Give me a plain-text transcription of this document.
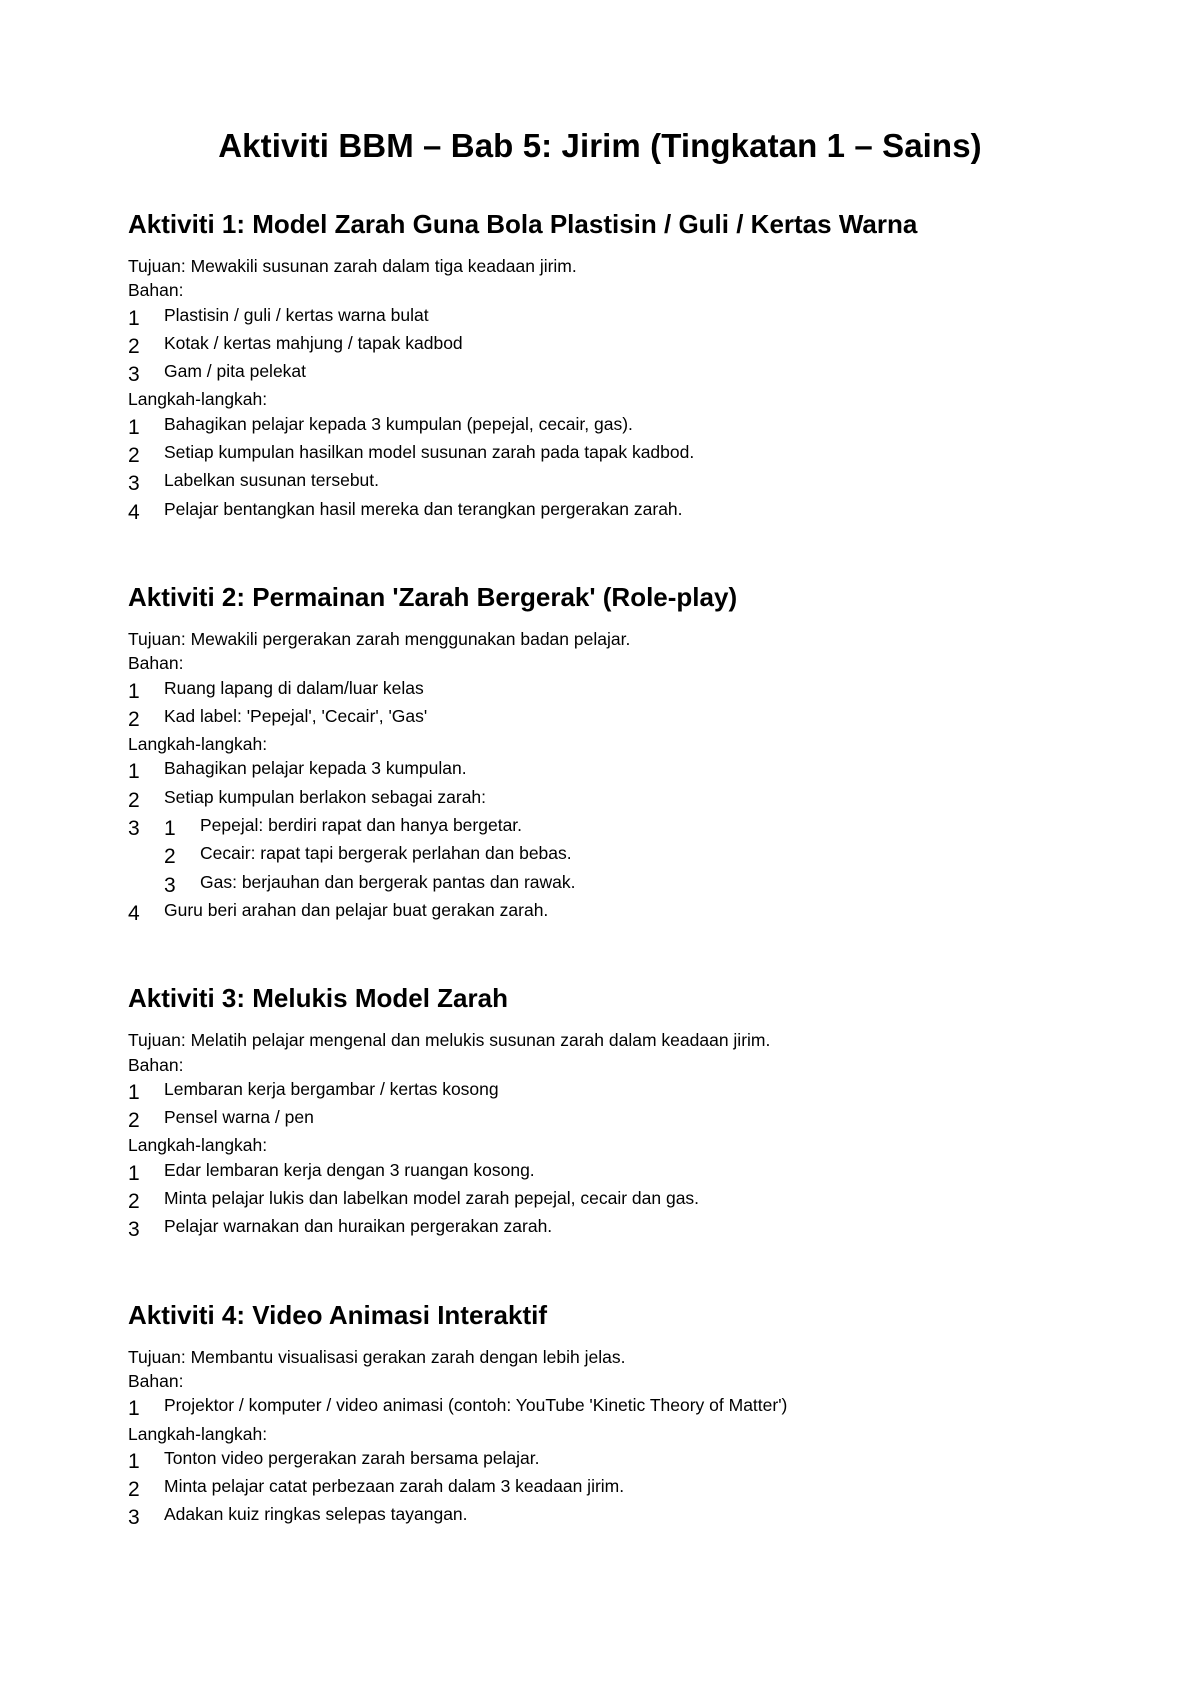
Aktiviti BBM – Bab 5: Jirim (Tingkatan 1 – Sains)
Aktiviti 1: Model Zarah Guna Bola Plastisin / Guli / Kertas Warna
Tujuan: Mewakili susunan zarah dalam tiga keadaan jirim.
Bahan:
1	Plastisin / guli / kertas warna bulat
2	Kotak / kertas mahjung / tapak kadbod
3	Gam / pita pelekat
Langkah-langkah:
1	Bahagikan pelajar kepada 3 kumpulan (pepejal, cecair, gas).
2	Setiap kumpulan hasilkan model susunan zarah pada tapak kadbod.
3	Labelkan susunan tersebut.
4	Pelajar bentangkan hasil mereka dan terangkan pergerakan zarah.
Aktiviti 2: Permainan 'Zarah Bergerak' (Role-play)
Tujuan: Mewakili pergerakan zarah menggunakan badan pelajar.
Bahan:
1	Ruang lapang di dalam/luar kelas
2	Kad label: 'Pepejal', 'Cecair', 'Gas'
Langkah-langkah:
1	Bahagikan pelajar kepada 3 kumpulan.
2	Setiap kumpulan berlakon sebagai zarah:
3	1	Pepejal: berdiri rapat dan hanya bergetar.
2	Cecair: rapat tapi bergerak perlahan dan bebas.
3	Gas: berjauhan dan bergerak pantas dan rawak.
4	Guru beri arahan dan pelajar buat gerakan zarah.
Aktiviti 3: Melukis Model Zarah
Tujuan: Melatih pelajar mengenal dan melukis susunan zarah dalam keadaan jirim.
Bahan:
1	Lembaran kerja bergambar / kertas kosong
2	Pensel warna / pen
Langkah-langkah:
1	Edar lembaran kerja dengan 3 ruangan kosong.
2	Minta pelajar lukis dan labelkan model zarah pepejal, cecair dan gas.
3	Pelajar warnakan dan huraikan pergerakan zarah.
Aktiviti 4: Video Animasi Interaktif
Tujuan: Membantu visualisasi gerakan zarah dengan lebih jelas.
Bahan:
1	Projektor / komputer / video animasi (contoh: YouTube 'Kinetic Theory of Matter')
Langkah-langkah:
1	Tonton video pergerakan zarah bersama pelajar.
2	Minta pelajar catat perbezaan zarah dalam 3 keadaan jirim.
3	Adakan kuiz ringkas selepas tayangan.
